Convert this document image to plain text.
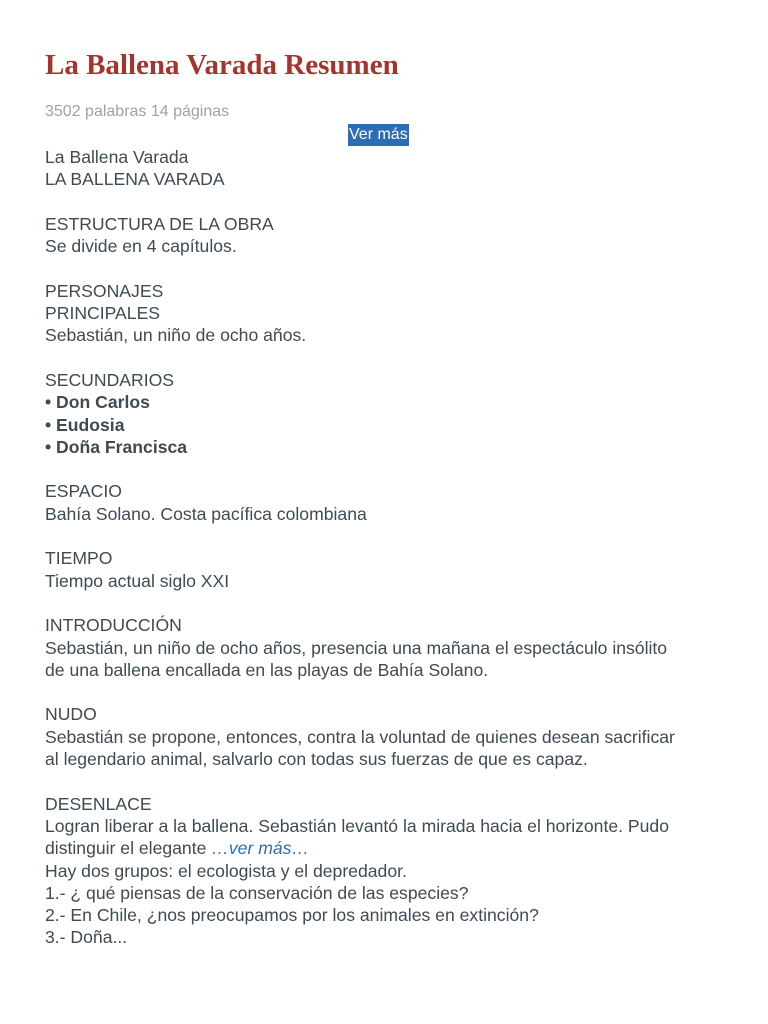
La Ballena Varada Resumen
3502 palabras 14 páginas
Ver más
La Ballena Varada
LA BALLENA VARADA
ESTRUCTURA DE LA OBRA
Se divide en 4 capítulos.
PERSONAJES
PRINCIPALES
Sebastián, un niño de ocho años.
SECUNDARIOS
• Don Carlos
• Eudosia
• Doña Francisca
ESPACIO
Bahía Solano. Costa pacífica colombiana
TIEMPO
Tiempo actual siglo XXI
INTRODUCCIÓN
Sebastián, un niño de ocho años, presencia una mañana el espectáculo insólito
de una ballena encallada en las playas de Bahía Solano.
NUDO
Sebastián se propone, entonces, contra la voluntad de quienes desean sacrificar
al legendario animal, salvarlo con todas sus fuerzas de que es capaz.
DESENLACE
Logran liberar a la ballena. Sebastián levantó la mirada hacia el horizonte. Pudo
distinguir el elegante …ver más…
Hay dos grupos: el ecologista y el depredador.
1.- ¿ qué piensas de la conservación de las especies?
2.- En Chile, ¿nos preocupamos por los animales en extinción?
3.- Doña...
